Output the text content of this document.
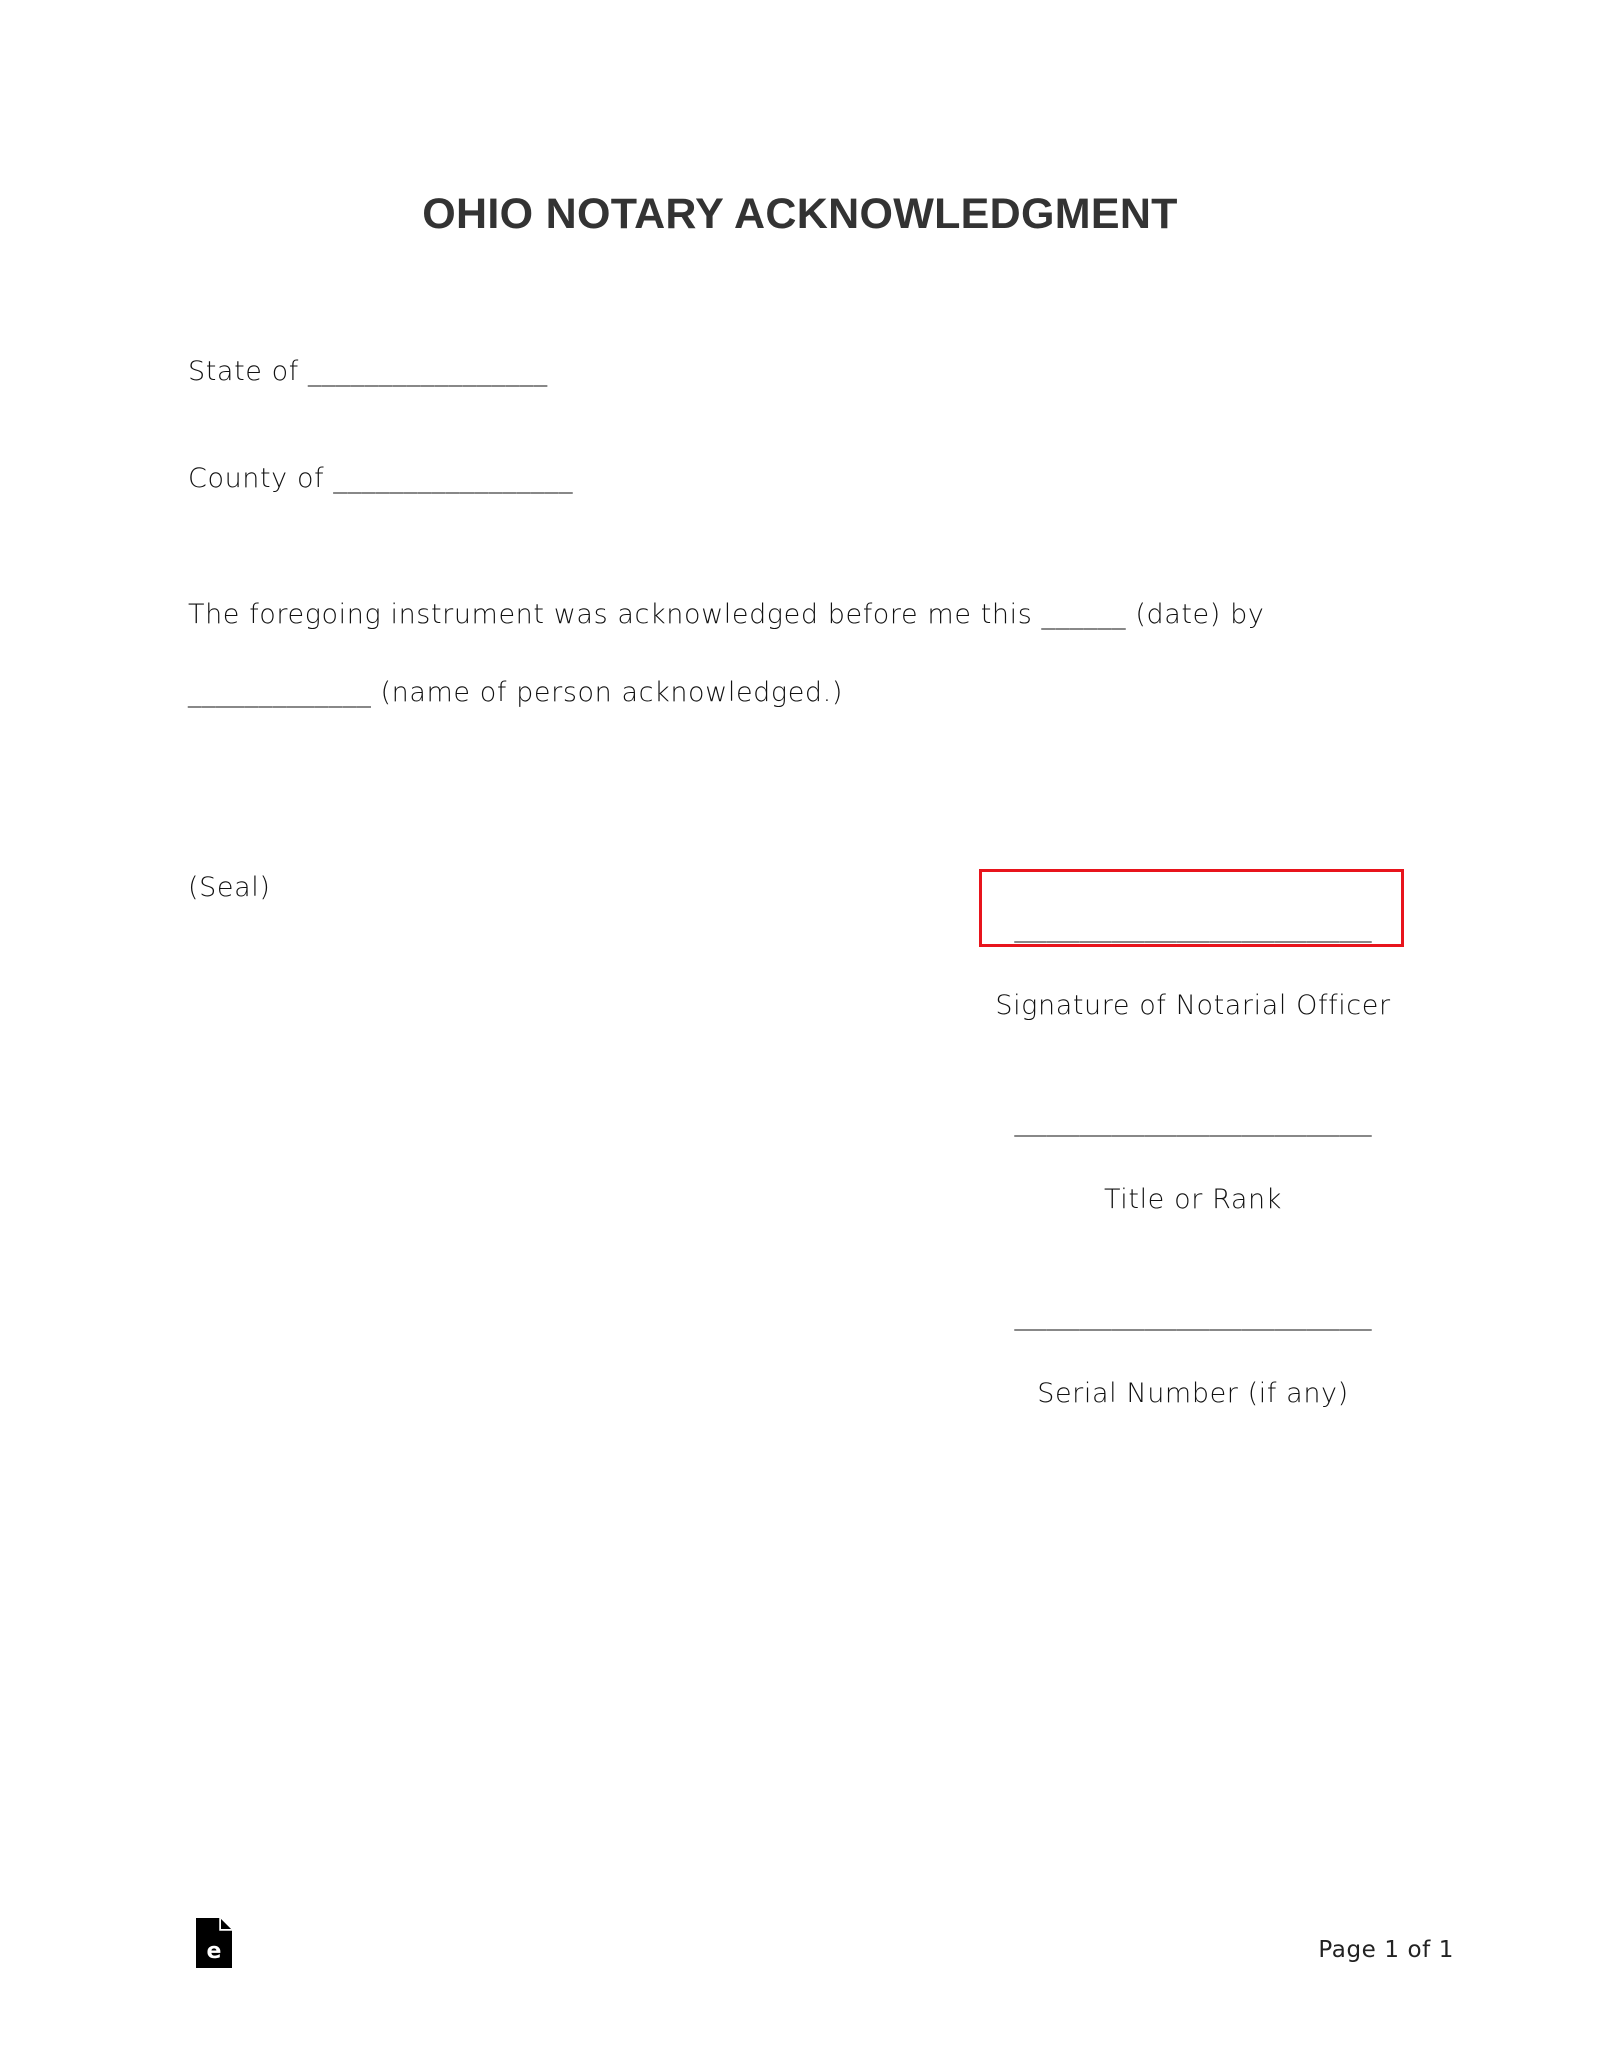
OHIO NOTARY ACKNOWLEDGMENT
State of _________________
County of _________________
The foregoing instrument was acknowledged before me this ______ (date) by
_____________ (name of person acknowledged.)
(Seal)
______________________
Signature of Notarial Officer
______________________
Title or Rank
______________________
Serial Number (if any)
e	Page 1 of 1
